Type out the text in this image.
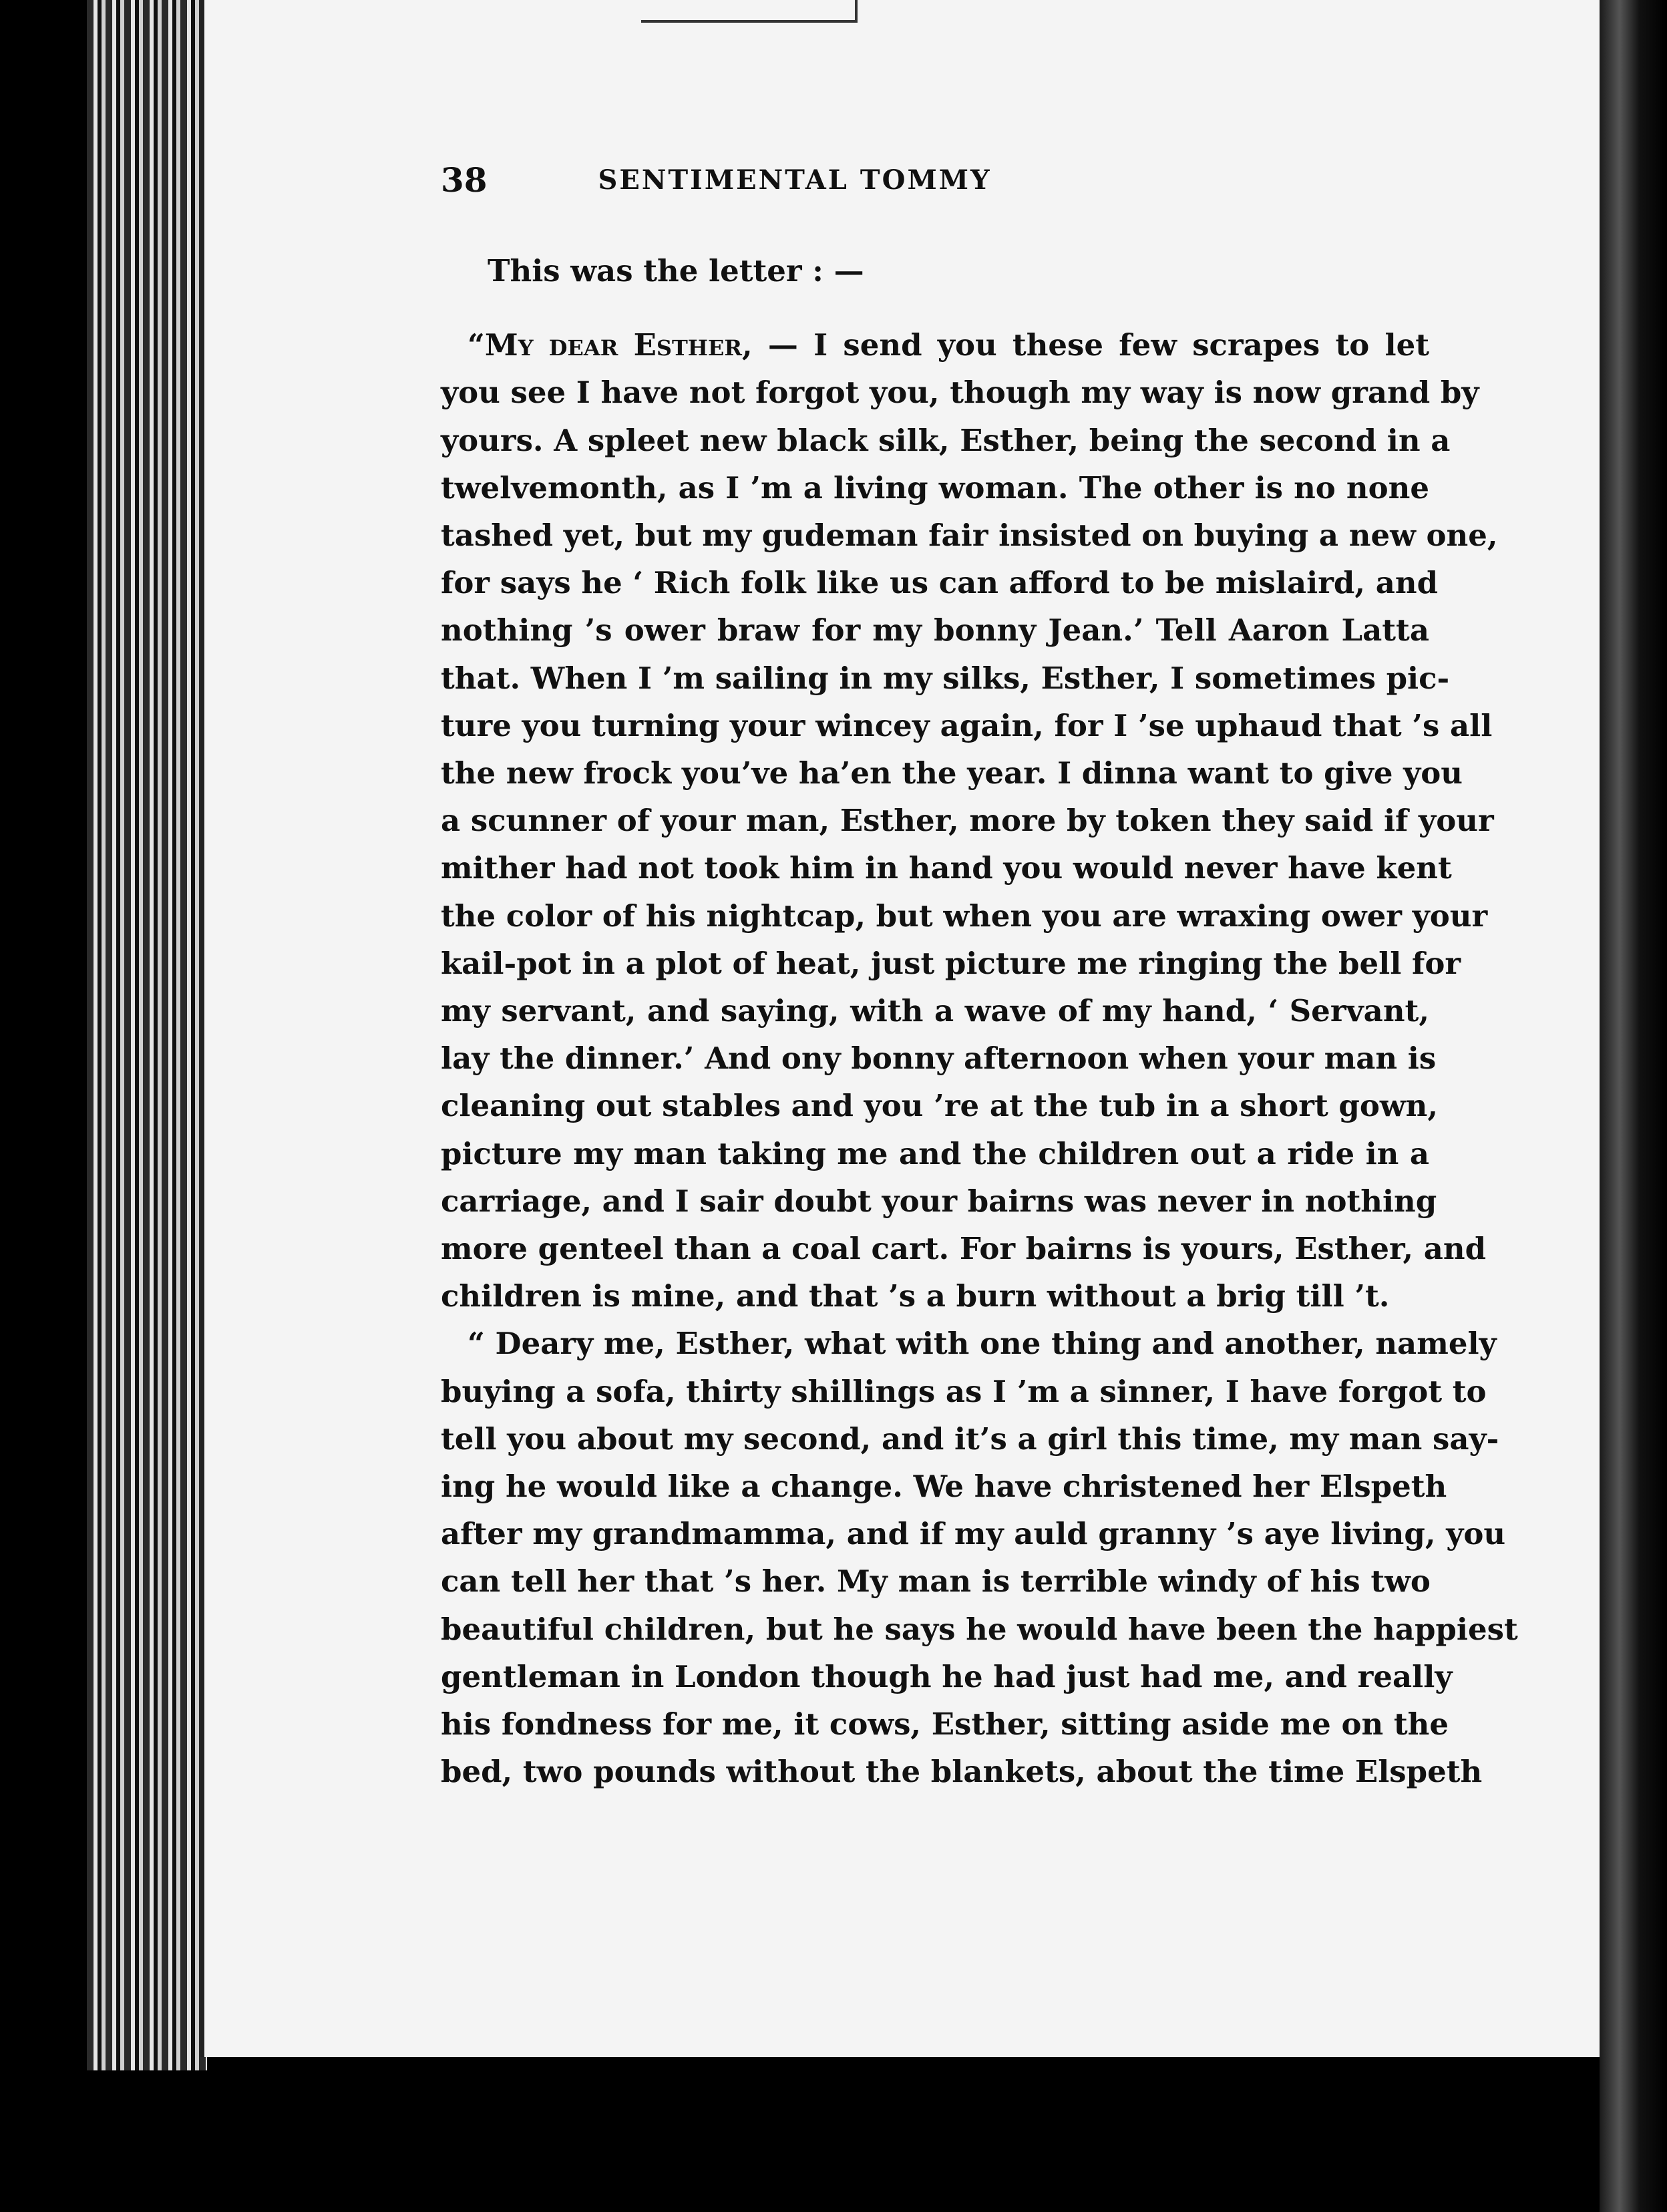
38	SENTIMENTAL TOMMY

This was the letter : —

“My dear Esther, — I send you these few scrapes to let
you see I have not forgot you, though my way is now grand by
yours. A spleet new black silk, Esther, being the second in a
twelvemonth, as I ’m a living woman. The other is no none
tashed yet, but my gudeman fair insisted on buying a new one,
for says he ‘ Rich folk like us can afford to be mislaird, and
nothing ’s ower braw for my bonny Jean.’ Tell Aaron Latta
that. When I ’m sailing in my silks, Esther, I sometimes pic-
ture you turning your wincey again, for I ’se uphaud that ’s all
the new frock you’ve ha’en the year. I dinna want to give you
a scunner of your man, Esther, more by token they said if your
mither had not took him in hand you would never have kent
the color of his nightcap, but when you are wraxing ower your
kail-pot in a plot of heat, just picture me ringing the bell for
my servant, and saying, with a wave of my hand, ‘ Servant,
lay the dinner.’ And ony bonny afternoon when your man is
cleaning out stables and you ’re at the tub in a short gown,
picture my man taking me and the children out a ride in a
carriage, and I sair doubt your bairns was never in nothing
more genteel than a coal cart. For bairns is yours, Esther, and
children is mine, and that ’s a burn without a brig till ’t.
“ Deary me, Esther, what with one thing and another, namely
buying a sofa, thirty shillings as I ’m a sinner, I have forgot to
tell you about my second, and it’s a girl this time, my man say-
ing he would like a change. We have christened her Elspeth
after my grandmamma, and if my auld granny ’s aye living, you
can tell her that ’s her. My man is terrible windy of his two
beautiful children, but he says he would have been the happiest
gentleman in London though he had just had me, and really
his fondness for me, it cows, Esther, sitting aside me on the
bed, two pounds without the blankets, about the time Elspeth
